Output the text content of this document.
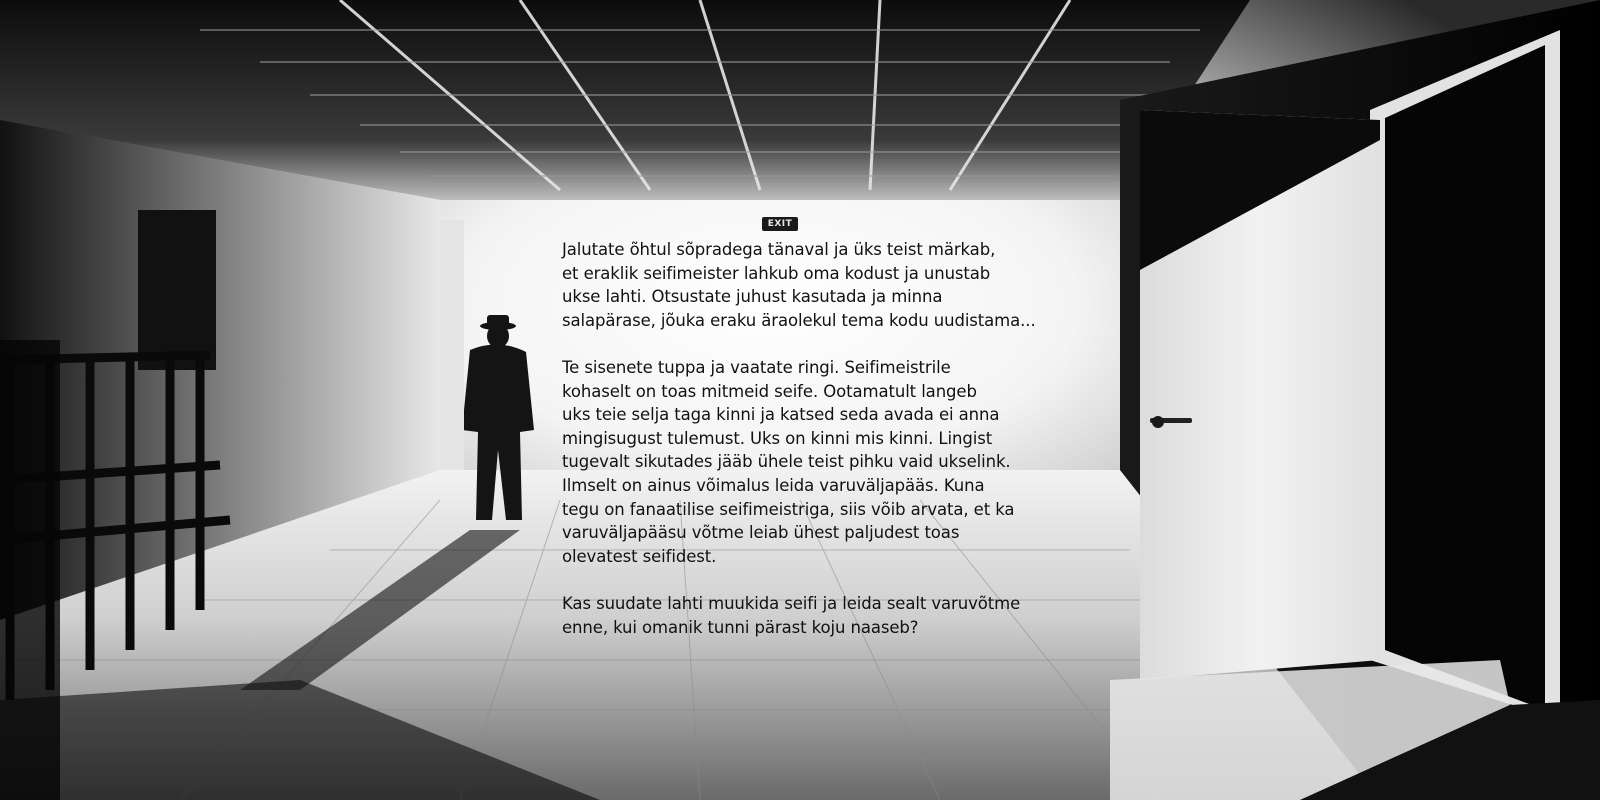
EXIT

Jalutate õhtul sõpradega tänaval ja üks teist märkab,
et eraklik seifimeister lahkub oma kodust ja unustab
ukse lahti. Otsustate juhust kasutada ja minna
salapärase, jõuka eraku äraolekul tema kodu uudistama...

Te sisenete tuppa ja vaatate ringi. Seifimeistrile
kohaselt on toas mitmeid seife. Ootamatult langeb
uks teie selja taga kinni ja katsed seda avada ei anna
mingisugust tulemust. Uks on kinni mis kinni. Lingist
tugevalt sikutades jääb ühele teist pihku vaid ukselink.
Ilmselt on ainus võimalus leida varuväljapääs. Kuna
tegu on fanaatilise seifimeistriga, siis võib arvata, et ka
varuväljapääsu võtme leiab ühest paljudest toas
olevatest seifidest.

Kas suudate lahti muukida seifi ja leida sealt varuvõtme
enne, kui omanik tunni pärast koju naaseb?
